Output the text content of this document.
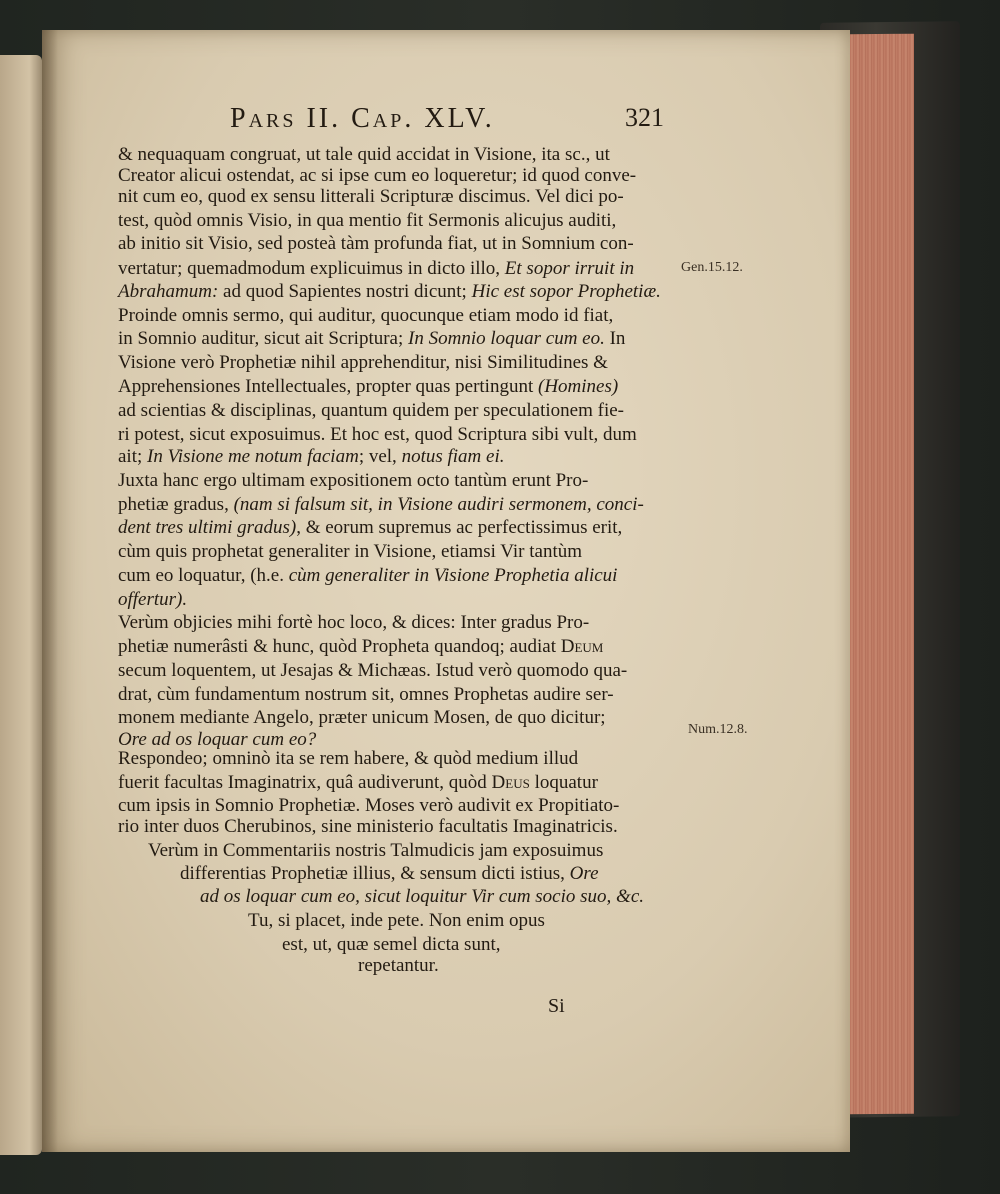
Pars II. Cap. XLV.	321
& nequaquam congruat, ut tale quid accidat in Visione, ita sc., ut
Creator alicui ostendat, ac si ipse cum eo loqueretur; id quod conve-
nit cum eo, quod ex sensu litterali Scripturæ discimus. Vel dici po-
test, quòd omnis Visio, in qua mentio fit Sermonis alicujus auditi,
ab initio sit Visio, sed posteà tàm profunda fiat, ut in Somnium con-
vertatur; quemadmodum explicuimus in dicto illo, Et sopor irruit in
Abrahamum: ad quod Sapientes nostri dicunt; Hic est sopor Prophetiæ.
Proinde omnis sermo, qui auditur, quocunque etiam modo id fiat,
in Somnio auditur, sicut ait Scriptura; In Somnio loquar cum eo. In
Visione verò Prophetiæ nihil apprehenditur, nisi Similitudines &
Apprehensiones Intellectuales, propter quas pertingunt (Homines)
ad scientias & disciplinas, quantum quidem per speculationem fie-
ri potest, sicut exposuimus. Et hoc est, quod Scriptura sibi vult, dum
ait; In Visione me notum faciam; vel, notus fiam ei.
Juxta hanc ergo ultimam expositionem octo tantùm erunt Pro-
phetiæ gradus, (nam si falsum sit, in Visione audiri sermonem, conci-
dent tres ultimi gradus), & eorum supremus ac perfectissimus erit,
cùm quis prophetat generaliter in Visione, etiamsi Vir tantùm
cum eo loquatur, (h.e. cùm generaliter in Visione Prophetia alicui
offertur).
Verùm objicies mihi fortè hoc loco, & dices: Inter gradus Pro-
phetiæ numerâsti & hunc, quòd Propheta quandoq; audiat Deum
secum loquentem, ut Jesajas & Michæas. Istud verò quomodo qua-
drat, cùm fundamentum nostrum sit, omnes Prophetas audire ser-
monem mediante Angelo, præter unicum Mosen, de quo dicitur;
Ore ad os loquar cum eo?
Respondeo; omninò ita se rem habere, & quòd medium illud
fuerit facultas Imaginatrix, quâ audiverunt, quòd Deus loquatur
cum ipsis in Somnio Prophetiæ. Moses verò audivit ex Propitiato-
rio inter duos Cherubinos, sine ministerio facultatis Imaginatricis.
Verùm in Commentariis nostris Talmudicis jam exposuimus
differentias Prophetiæ illius, & sensum dicti istius, Ore
ad os loquar cum eo, sicut loquitur Vir cum socio suo, &c.
Tu, si placet, inde pete. Non enim opus
est, ut, quæ semel dicta sunt,
repetantur.
Gen.15.12.
Num.12.8.
Si
